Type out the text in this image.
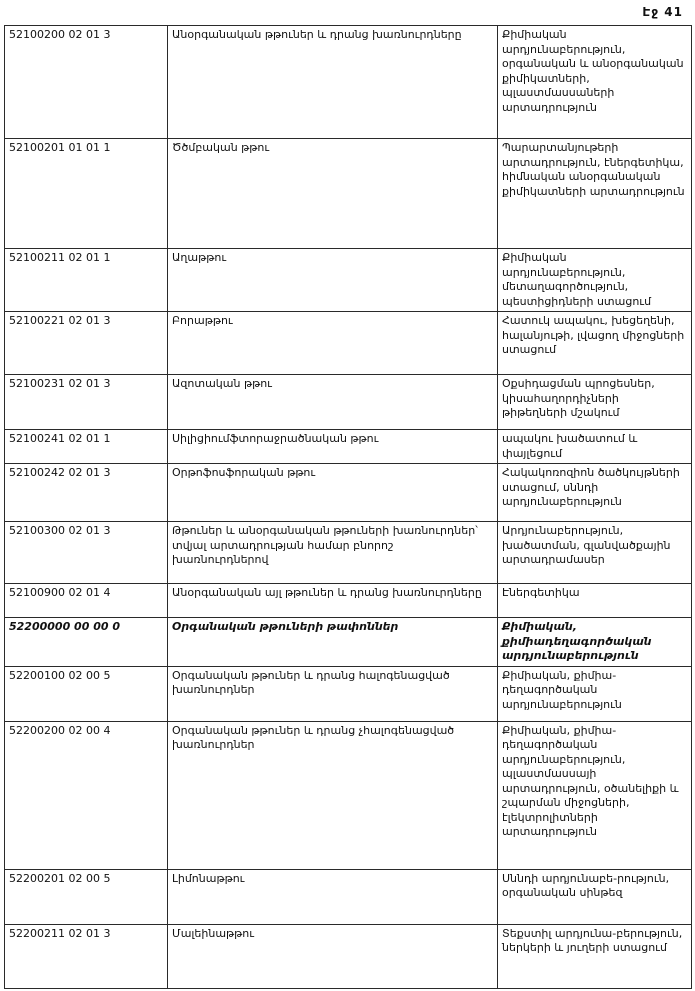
Էջ 41
52100200 02 01 3	Անօրգանական թթուներ և դրանց խառնուրդները	Քիմիական արդյունաբերություն, օրգանական և անօրգանական քիմիկատների, պլաստմասսաների արտադրություն
52100201 01 01 1	Ծծմբական թթու	Պարարտանյութերի արտադրություն, էներգետիկա, հիմնական անօրգանական քիմիկատների արտադրություն
52100211 02 01 1	Աղաթթու	Քիմիական արդյունաբերություն, մետաղագործություն, պեստիցիդների ստացում
52100221 02 01 3	Բորաթթու	Հատուկ ապակու, խեցեղենի, հալանյութի, լվացող միջոցների ստացում
52100231 02 01 3	Ազոտական թթու	Օքսիդացման պրոցեսներ, կիսահաղորդիչների թիթեղների մշակում
52100241 02 01 1	Սիլիցիումֆտորաջրածնական թթու	ապակու խածատում և փայլեցում
52100242 02 01 3	Օրթոֆոսֆորական թթու	Հակակոռոզիոն ծածկույթների ստացում, սննդի արդյունաբերություն
52100300 02 01 3	Թթուներ և անօրգանական թթուների խառնուրդներ՝ տվյալ արտադրության համար բնորոշ խառնուրդներով	Արդյունաբերություն, խածատման, գլանվածքային արտադրամասեր
52100900 02 01 4	Անօրգանական այլ թթուներ և դրանց խառնուրդները	Էներգետիկա
52200000 00 00 0	Օրգանական թթուների թափոններ	Քիմիական, քիմիադեղագործական արդյունաբերություն
52200100 02 00 5	Օրգանական թթուներ և դրանց հալոգենացված խառնուրդներ	Քիմիական, քիմիա-դեղագործական արդյունաբերություն
52200200 02 00 4	Օրգանական թթուներ և դրանց չհալոգենացված խառնուրդներ	Քիմիական, քիմիա-դեղագործական արդյունաբերություն, պլաստմասսայի արտադրություն, օծանելիքի և շպարման միջոցների, էլեկտրոլիտների արտադրություն
52200201 02 00 5	Լիմոնաթթու	Սննդի արդյունաբե-րություն, օրգանական սինթեզ
52200211 02 01 3	Մալեինաթթու	Տեքստիլ արդյունա-բերություն, ներկերի և յուղերի ստացում
